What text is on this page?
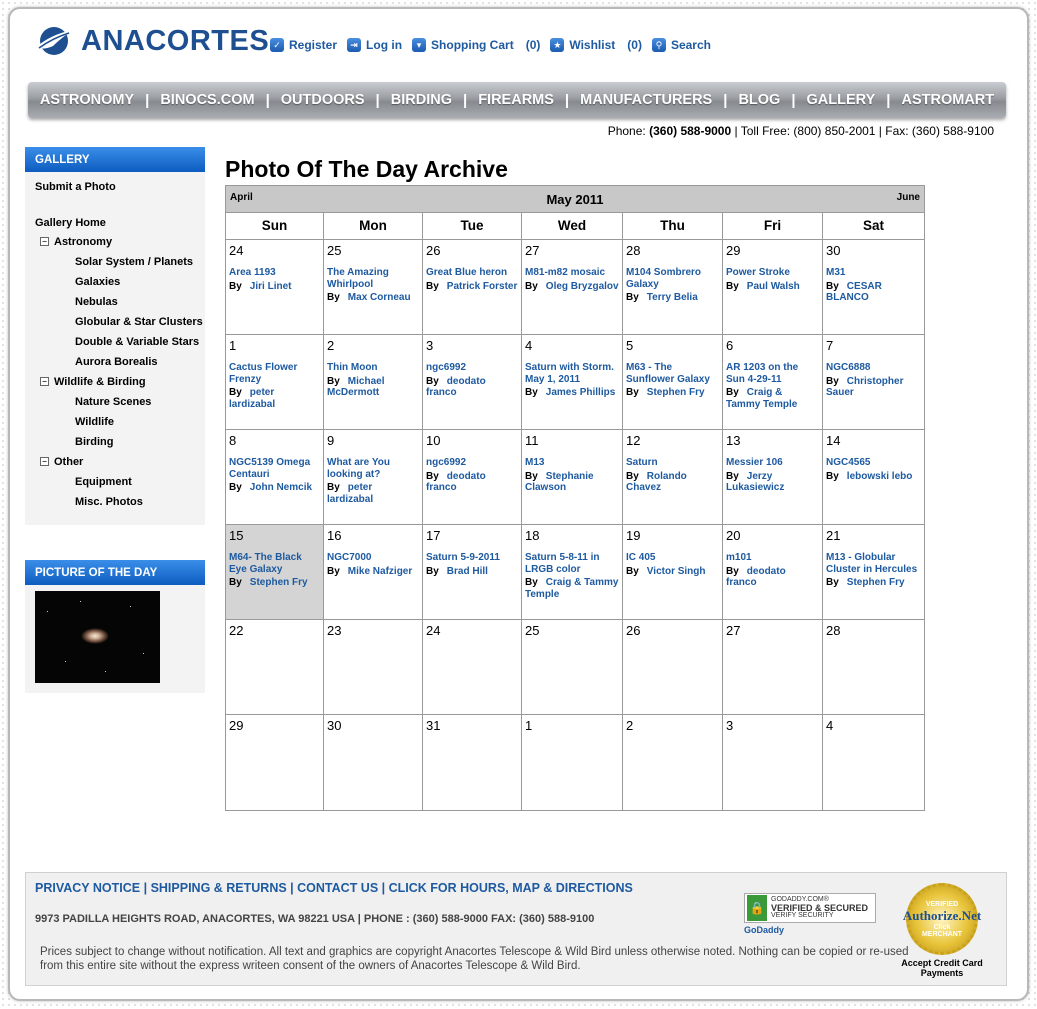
ANACORTES ✓ Register	⇥ Log in	▾ Shopping Cart (0)	★ Wishlist (0)	⚲ Search
ASTRONOMY | BINOCS.COM | OUTDOORS | BIRDING | FIREARMS | MANUFACTURERS | BLOG | GALLERY | ASTROMART
Phone: (360) 588-9000 | Toll Free: (800) 850-2001 | Fax: (360) 588-9100
GALLERY
Submit a Photo
Gallery Home
− Astronomy
Solar System / Planets
Galaxies
Nebulas
Globular & Star Clusters
Double & Variable Stars
Aurora Borealis
− Wildlife & Birding
Nature Scenes
Wildlife
Birding
− Other
Equipment
Misc. Photos
PICTURE OF THE DAY
Photo Of The Day Archive
April	May 2011	June
Sun	Mon	Tue	Wed	Thu	Fri	Sat
24
Area 1193
By Jiri Linet
25
The Amazing Whirlpool
By Max Corneau
26
Great Blue heron
By Patrick Forster
27
M81-m82 mosaic
By Oleg Bryzgalov
28
M104 Sombrero Galaxy
By Terry Belia
29
Power Stroke
By Paul Walsh
30
M31
By CESAR BLANCO
1
Cactus Flower Frenzy
By peter lardizabal
2
Thin Moon
By Michael McDermott
3
ngc6992
By deodato franco
4
Saturn with Storm. May 1, 2011
By James Phillips
5
M63 - The Sunflower Galaxy
By Stephen Fry
6
AR 1203 on the Sun 4-29-11
By Craig & Tammy Temple
7
NGC6888
By Christopher Sauer
8
NGC5139 Omega Centauri
By John Nemcik
9
What are You looking at?
By peter lardizabal
10
ngc6992
By deodato franco
11
M13
By Stephanie Clawson
12
Saturn
By Rolando Chavez
13
Messier 106
By Jerzy Lukasiewicz
14
NGC4565
By lebowski lebo
15
M64- The Black Eye Galaxy
By Stephen Fry
16
NGC7000
By Mike Nafziger
17
Saturn 5-9-2011
By Brad Hill
18
Saturn 5-8-11 in LRGB color
By Craig & Tammy Temple
19
IC 405
By Victor Singh
20
m101
By deodato franco
21
M13 - Globular Cluster in Hercules
By Stephen Fry
22	23	24	25	26	27	28
29	30	31	1	2	3	4
PRIVACY NOTICE | SHIPPING & RETURNS | CONTACT US | CLICK FOR HOURS, MAP & DIRECTIONS
9973 PADILLA HEIGHTS ROAD, ANACORTES, WA 98221 USA | PHONE : (360) 588-9000 FAX: (360) 588-9100
Prices subject to change without notification. All text and graphics are copyright Anacortes Telescope & Wild Bird unless otherwise noted. Nothing can be copied or re-used from this entire site without the express writeen consent of the owners of Anacortes Telescope & Wild Bird.
🔒
GODADDY.COM®
VERIFIED & SECURED
VERIFY SECURITY
GoDaddy
VERIFIED
Authorize.Net
Click
MERCHANT
Accept Credit Card Payments
